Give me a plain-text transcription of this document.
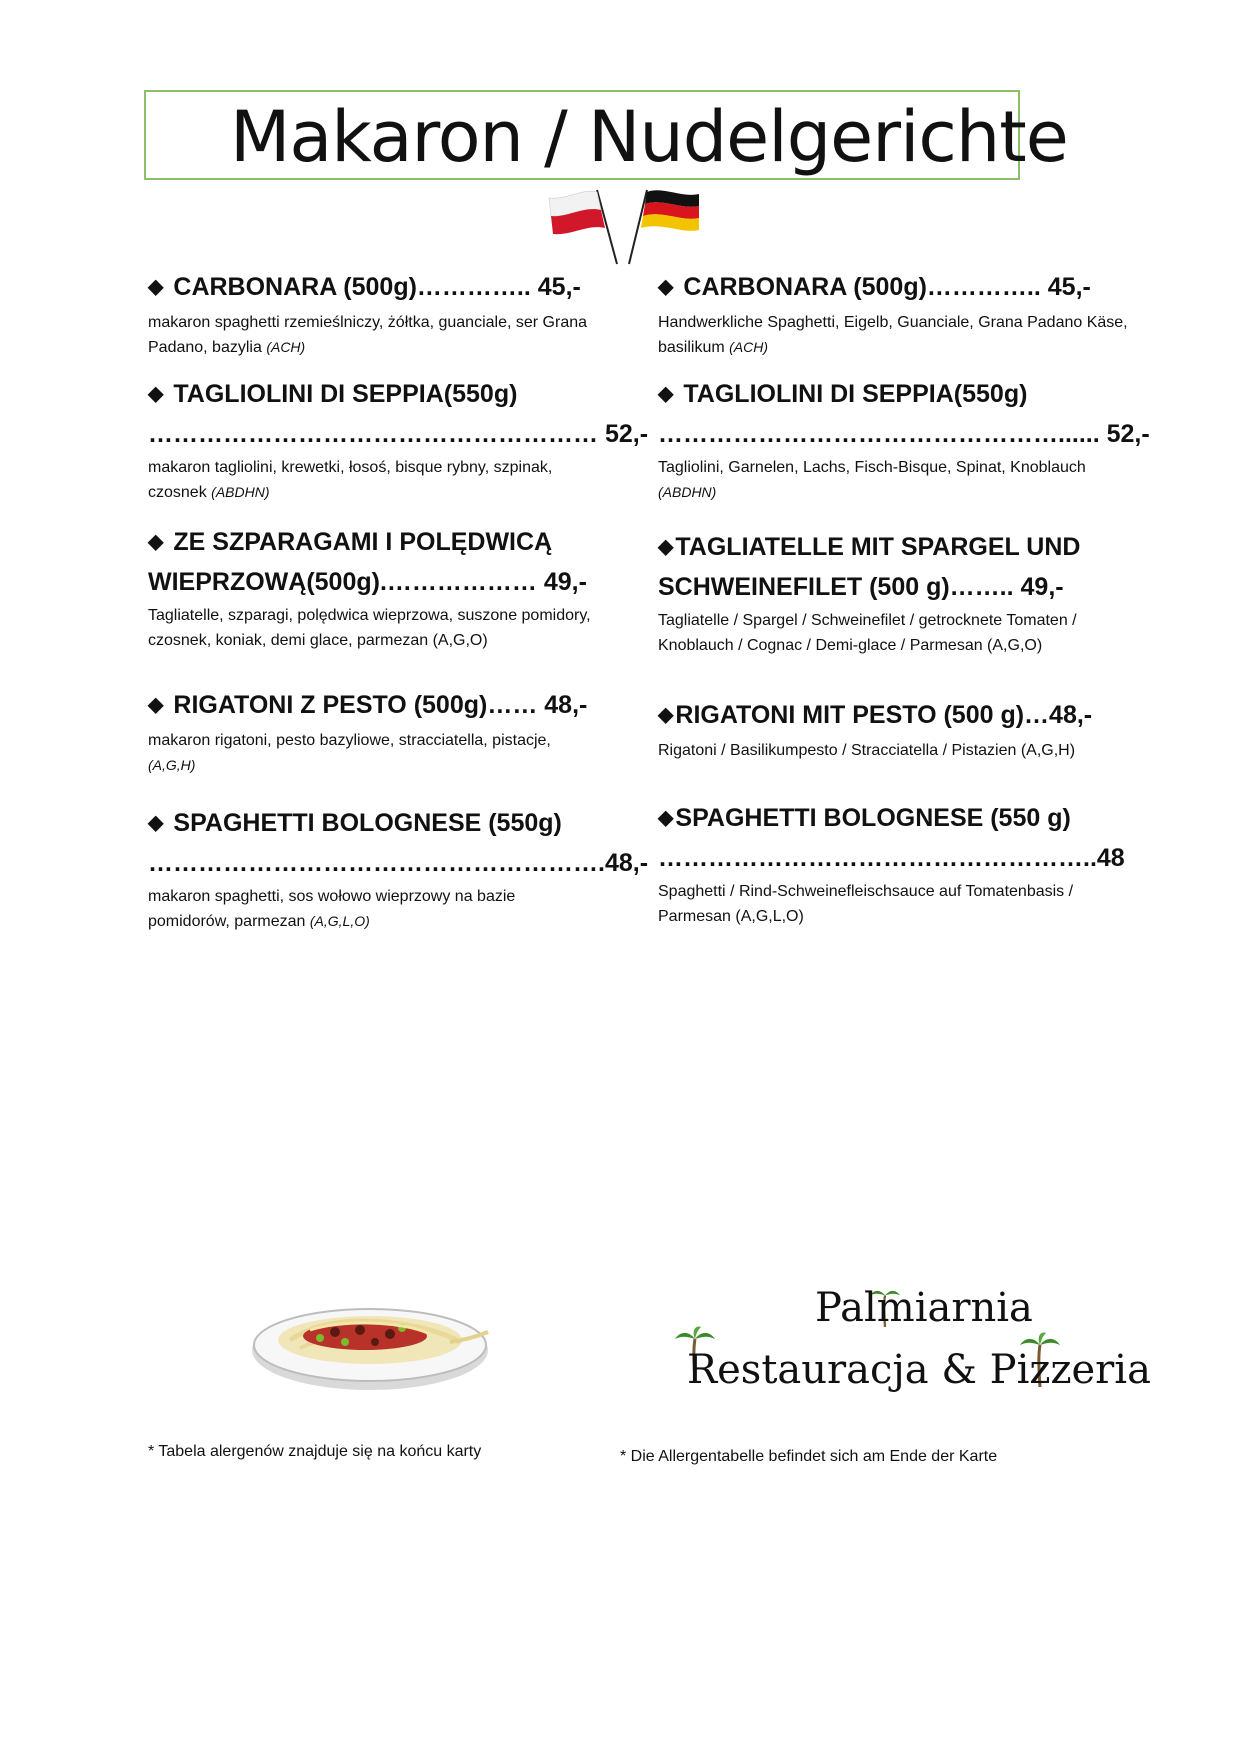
Makaron / Nudelgerichte
◆ CARBONARA (500g)………….. 45,-
makaron spaghetti rzemieślniczy, żółtka, guanciale, ser Grana Padano, bazylia (ACH)
◆ TAGLIOLINI DI SEPPIA(550g)
……………………………………………… 52,-
makaron tagliolini, krewetki, łosoś, bisque rybny, szpinak, czosnek (ABDHN)
◆ ZE SZPARAGAMI I POLĘDWICĄ
WIEPRZOWĄ(500g).……………… 49,-
Tagliatelle, szparagi, polędwica wieprzowa, suszone pomidory, czosnek, koniak, demi glace, parmezan (A,G,O)
◆ RIGATONI Z PESTO (500g)…… 48,-
makaron rigatoni, pesto bazyliowe, stracciatella, pistacje,
(A,G,H)
◆ SPAGHETTI BOLOGNESE (550g)
……………………………………………….48,-
makaron spaghetti, sos wołowo wieprzowy na bazie pomidorów, parmezan (A,G,L,O)
◆ CARBONARA (500g)………….. 45,-
Handwerkliche Spaghetti, Eigelb, Guanciale, Grana Padano Käse, basilikum (ACH)
◆ TAGLIOLINI DI SEPPIA(550g)
…………………………………………...... 52,-
Tagliolini, Garnelen, Lachs, Fisch-Bisque, Spinat, Knoblauch (ABDHN)
◆TAGLIATELLE MIT SPARGEL UND
SCHWEINEFILET (500 g)…….. 49,-
Tagliatelle / Spargel / Schweinefilet / getrocknete Tomaten / Knoblauch / Cognac / Demi-glace / Parmesan (A,G,O)
◆RIGATONI MIT PESTO (500 g)…48,-
Rigatoni / Basilikumpesto / Stracciatella / Pistazien (A,G,H)
◆SPAGHETTI BOLOGNESE (550 g)
……………………………………………..48
Spaghetti / Rind-Schweinefleischsauce auf Tomatenbasis / Parmesan (A,G,L,O)
Palmiarnia
Restauracja & Pizzeria
* Tabela alergenów znajduje się na końcu karty	* Die Allergentabelle befindet sich am Ende der Karte
